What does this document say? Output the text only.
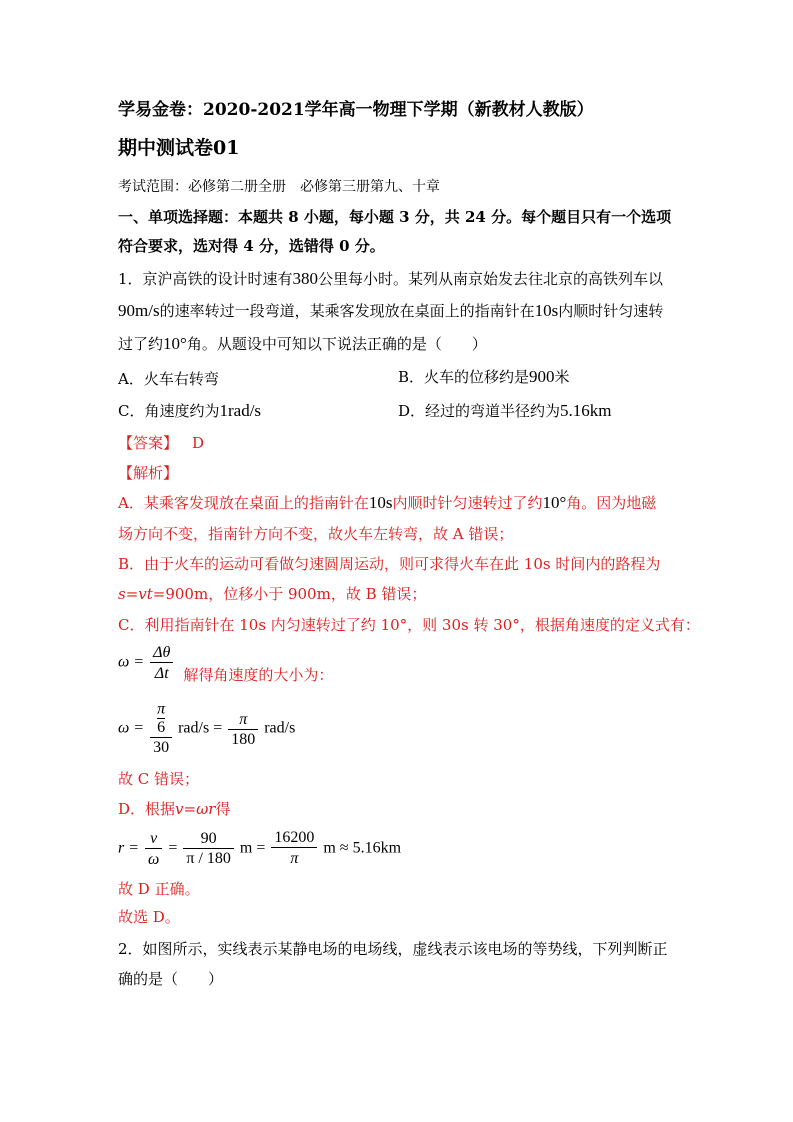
学易金卷：2020-2021学年高一物理下学期（新教材人教版）
期中测试卷01
考试范围：必修第二册全册　必修第三册第九、十章
一、单项选择题：本题共 8 小题，每小题 3 分，共 24 分。每个题目只有一个选项
符合要求，选对得 4 分，选错得 0 分。
1．京沪高铁的设计时速有380公里每小时。某列从南京始发去往北京的高铁列车以
90m/s的速率转过一段弯道，某乘客发现放在桌面上的指南针在10s内顺时针匀速转
过了约10°角。从题设中可知以下说法正确的是（　　）
A．火车右转弯	B．火车的位移约是900米
C．角速度约为1rad/s	D．经过的弯道半径约为5.16km
【答案】 D
【解析】
A．某乘客发现放在桌面上的指南针在10s内顺时针匀速转过了约10°角。因为地磁
场方向不变，指南针方向不变，故火车左转弯，故 A 错误；
B．由于火车的运动可看做匀速圆周运动，则可求得火车在此 10s 时间内的路程为
s=vt=900m，位移小于 900m，故 B 错误；
C．利用指南针在 10s 内匀速转过了约 10°，则 30s 转 30°，根据角速度的定义式有：
$\omega = \frac{\Delta\theta}{\Delta t}$ 解得角速度的大小为：
ω = π
6
30 $rad/s = \frac{\pi}{180} rad/s$
故 C 错误；
D．根据v=ωr得
$r = \frac{v}{\omega} = \frac{90}{\pi / 180}$ $m = \frac{16200}{\pi}$ m ≈ 5.16km
故 D 正确。
故选 D。
2．如图所示，实线表示某静电场的电场线，虚线表示该电场的等势线，下列判断正
确的是（　　）
